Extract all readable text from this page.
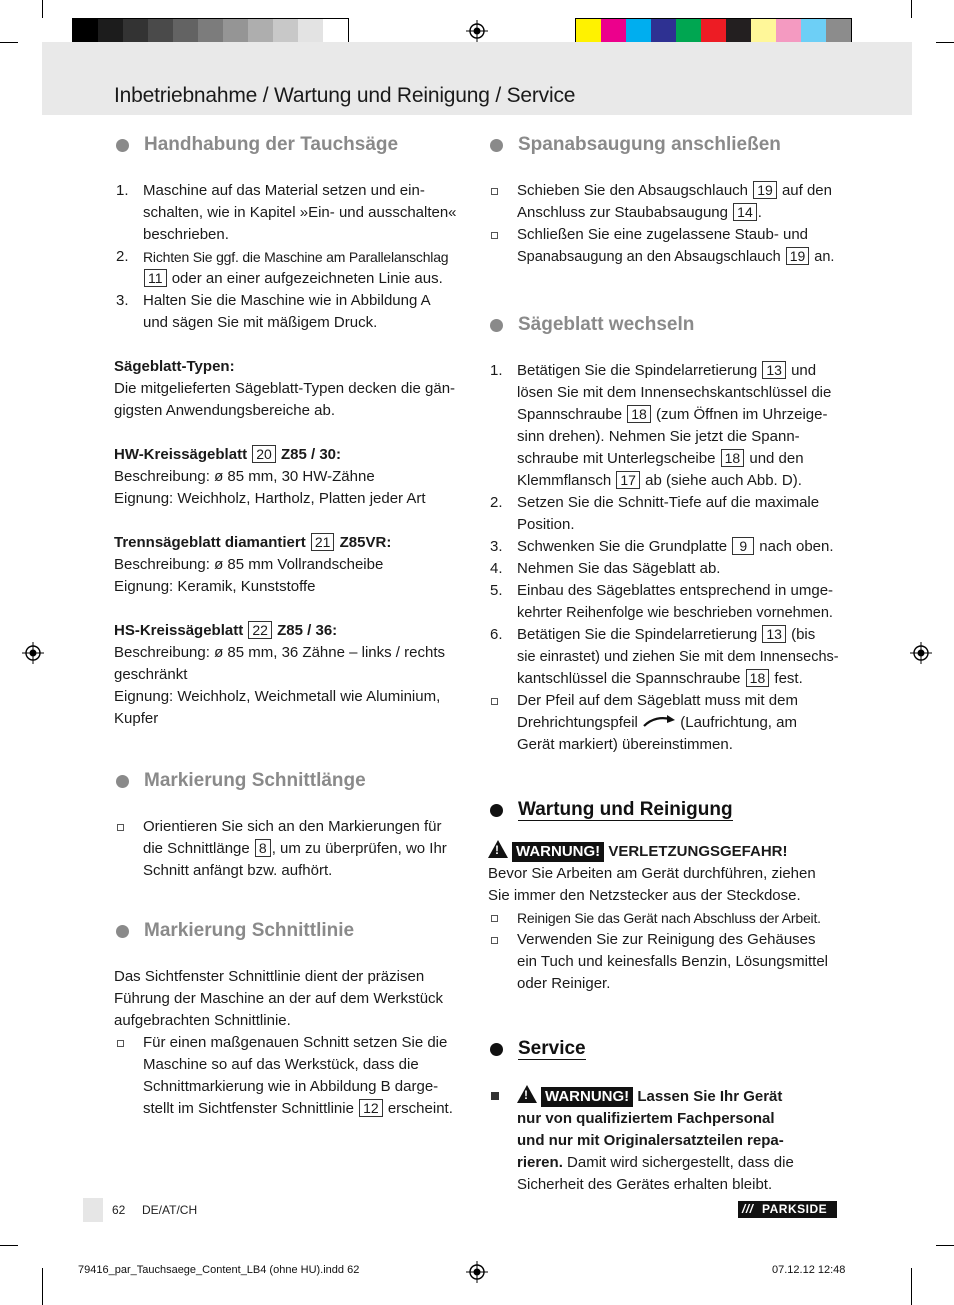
Inbetriebnahme / Wartung und Reinigung / Service
Handhabung der Tauchsäge
1. Maschine auf das Material setzen und ein-
schalten, wie in Kapitel »Ein- und ausschalten«
beschrieben.
2. Richten Sie ggf. die Maschine am Parallelanschlag
11 oder an einer aufgezeichneten Linie aus.
3. Halten Sie die Maschine wie in Abbildung A
und sägen Sie mit mäßigem Druck.

Sägeblatt-Typen:

Die mitgelieferten Sägeblatt-Typen decken die gän-

gigsten Anwendungsbereiche ab.

HW-Kreissägeblatt 20 Z85 / 30:

Beschreibung: ø 85 mm, 30 HW-Zähne

Eignung: Weichholz, Hartholz, Platten jeder Art

Trennsägeblatt diamantiert 21 Z85VR:

Beschreibung: ø 85 mm Vollrandscheibe

Eignung: Keramik, Kunststoffe

HS-Kreissägeblatt 22 Z85 / 36:

Beschreibung: ø 85 mm, 36 Zähne – links / rechts

geschränkt

Eignung: Weichholz, Weichmetall wie Aluminium,

Kupfer

Markierung Schnittlänge
Orientieren Sie sich an den Markierungen für
die Schnittlänge 8 , um zu überprüfen, wo Ihr
Schnitt anfängt bzw. aufhört.
Markierung Schnittlinie

Das Sichtfenster Schnittlinie dient der präzisen

Führung der Maschine an der auf dem Werkstück

aufgebrachten Schnittlinie.

Für einen maßgenauen Schnitt setzen Sie die
Maschine so auf das Werkstück, dass die
Schnittmarkierung wie in Abbildung B darge-
stellt im Sichtfenster Schnittlinie 12 erscheint.
Spanabsaugung anschließen
Schieben Sie den Absaugschlauch 19 auf den
Anschluss zur Staubabsaugung 14 .
Schließen Sie eine zugelassene Staub- und
Spanabsaugung an den Absaugschlauch 19 an.
Sägeblatt wechseln
1. Betätigen Sie die Spindelarretierung 13 und
lösen Sie mit dem Innensechskantschlüssel die
Spannschraube 18 (zum Öffnen im Uhrzeige-
sinn drehen). Nehmen Sie jetzt die Spann-
schraube mit Unterlegscheibe 18 und den
Klemmflansch 17 ab (siehe auch Abb. D).
2. Setzen Sie die Schnitt-Tiefe auf die maximale
Position.
3. Schwenken Sie die Grundplatte 9 nach oben.
4. Nehmen Sie das Sägeblatt ab.
5. Einbau des Sägeblattes entsprechend in umge-
kehrter Reihenfolge wie beschrieben vornehmen.
6. Betätigen Sie die Spindelarretierung 13 (bis
sie einrastet) und ziehen Sie mit dem Innensechs-
kantschlüssel die Spannschraube 18 fest.
Der Pfeil auf dem Sägeblatt muss mit dem
Drehrichtungspfeil	(Laufrichtung, am
Gerät markiert) übereinstimmen.
Wartung und Reinigung

!WARNUNG! VERLETZUNGSGEFAHR!

Bevor Sie Arbeiten am Gerät durchführen, ziehen

Sie immer den Netzstecker aus der Steckdose.

Reinigen Sie das Gerät nach Abschluss der Arbeit.
Verwenden Sie zur Reinigung des Gehäuses
ein Tuch und keinesfalls Benzin, Lösungsmittel
oder Reiniger.
Service
!WARNUNG! Lassen Sie Ihr Gerät
nur von qualifiziertem Fachpersonal
und nur mit Originalersatzteilen repa-
rieren. Damit wird sichergestellt, dass die
Sicherheit des Gerätes erhalten bleibt.
62 DE/AT/CH
///	PARKSIDE
79416_par_Tauchsaege_Content_LB4 (ohne HU).indd 62	07.12.12 12:48
